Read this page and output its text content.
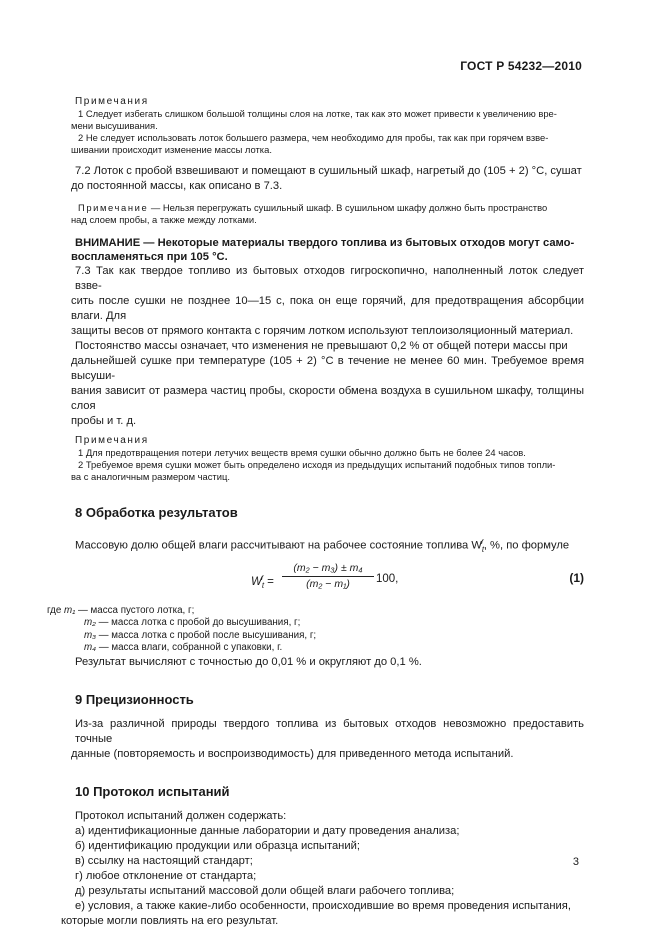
ГОСТ Р 54232—2010

Примечания

1 Следует избегать слишком большой толщины слоя на лотке, так как это может привести к увеличению вре-

мени высушивания.

2 Не следует использовать лоток большего размера, чем необходимо для пробы, так как при горячем взве-

шивании происходит изменение массы лотка.

7.2 Лоток с пробой взвешивают и помещают в сушильный шкаф, нагретый до (105 + 2) °С, сушат

до постоянной массы, как описано в 7.3.

Примечание — Нельзя перегружать сушильный шкаф. В сушильном шкафу должно быть пространство

над слоем пробы, а также между лотками.

ВНИМАНИЕ — Некоторые материалы твердого топлива из бытовых отходов могут само-

воспламеняться при 105 °С.

7.3 Так как твердое топливо из бытовых отходов гигроскопично, наполненный лоток следует взве-

сить после сушки не позднее 10—15 с, пока он еще горячий, для предотвращения абсорбции влаги. Для

защиты весов от прямого контакта с горячим лотком используют теплоизоляционный материал.

Постоянство массы означает, что изменения не превышают 0,2 % от общей потери массы при

дальнейшей сушке при температуре (105 + 2) °С в течение не менее 60 мин. Требуемое время высуши-

вания зависит от размера частиц пробы, скорости обмена воздуха в сушильном шкафу, толщины слоя

пробы и т. д.

Примечания

1 Для предотвращения потери летучих веществ время сушки обычно должно быть не более 24 часов.

2 Требуемое время сушки может быть определено исходя из предыдущих испытаний подобных типов топли-

ва с аналогичным размером частиц.

8 Обработка результатов

Массовую долю общей влаги рассчитывают на рабочее состояние топлива $W_t^r$, %, по формуле

$W_t^r = \frac{\text{(m₂ − m₃) ± m₄}}{\text{(m₂ − m₁)}} 100$,	(1)

где m₁ — масса пустого лотка, г;

m₂ — масса лотка с пробой до высушивания, г;

m₃ — масса лотка с пробой после высушивания, г;

m₄ — масса влаги, собранной с упаковки, г.

Результат вычисляют с точностью до 0,01 % и округляют до 0,1 %.

9 Прецизионность

Из-за различной природы твердого топлива из бытовых отходов невозможно предоставить точные

данные (повторяемость и воспроизводимость) для приведенного метода испытаний.

10 Протокол испытаний

Протокол испытаний должен содержать:

а) идентификационные данные лаборатории и дату проведения анализа;

б) идентификацию продукции или образца испытаний;

в) ссылку на настоящий стандарт;

г) любое отклонение от стандарта;

д) результаты испытаний массовой доли общей влаги рабочего топлива;

е) условия, а также какие-либо особенности, происходившие во время проведения испытания,

которые могли повлиять на его результат.

3
